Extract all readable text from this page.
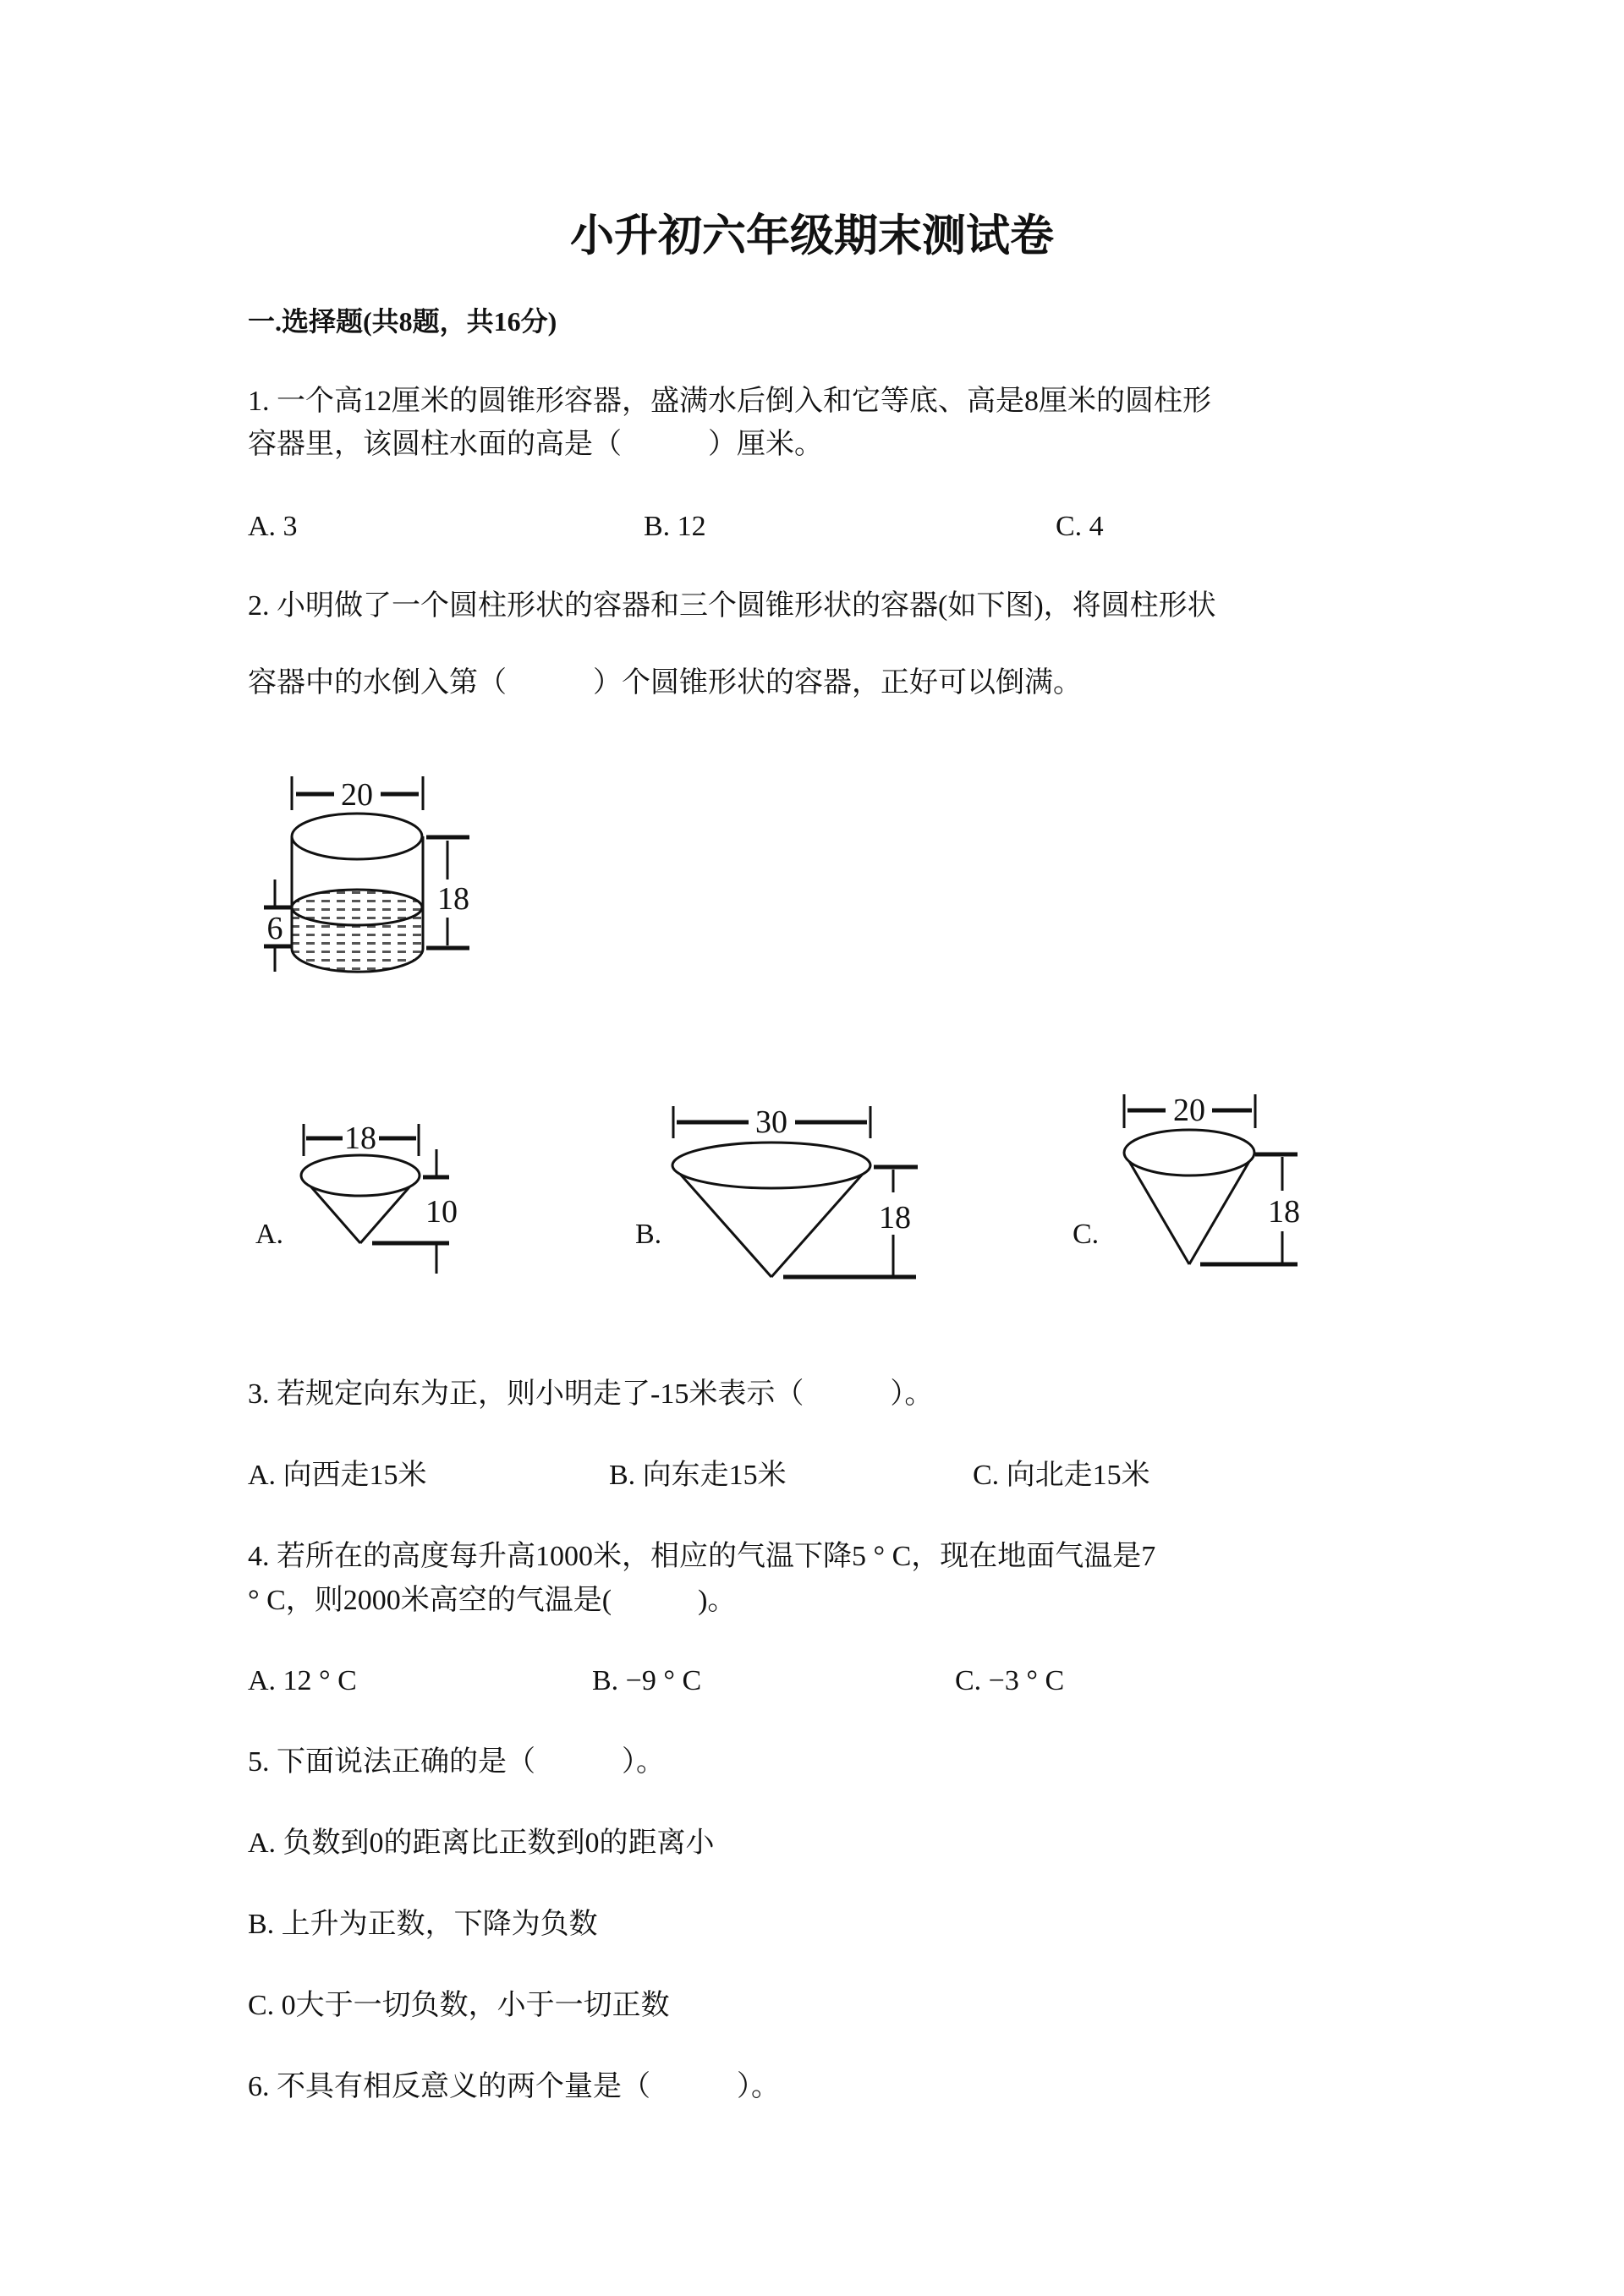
小升初六年级期末测试卷
一.选择题(共8题，共16分)
1. 一个高12厘米的圆锥形容器，盛满水后倒入和它等底、高是8厘米的圆柱形
容器里，该圆柱水面的高是（　　　）厘米。
A. 3	B. 12	C. 4
2. 小明做了一个圆柱形状的容器和三个圆锥形状的容器(如下图)，将圆柱形状
容器中的水倒入第（　　　）个圆锥形状的容器，正好可以倒满。
20
18
6
A.
18
10
B.
30
18	C.
20
18
3. 若规定向东为正，则小明走了-15米表示（　　　）。
A. 向西走15米	B. 向东走15米	C. 向北走15米
4. 若所在的高度每升高1000米，相应的气温下降5 ° C，现在地面气温是7
° C，则2000米高空的气温是(　　　)。
A. 12 ° C	B. −9 ° C	C. −3 ° C
5. 下面说法正确的是（　　　）。
A. 负数到0的距离比正数到0的距离小
B. 上升为正数，下降为负数
C. 0大于一切负数，小于一切正数
6. 不具有相反意义的两个量是（　　　）。
